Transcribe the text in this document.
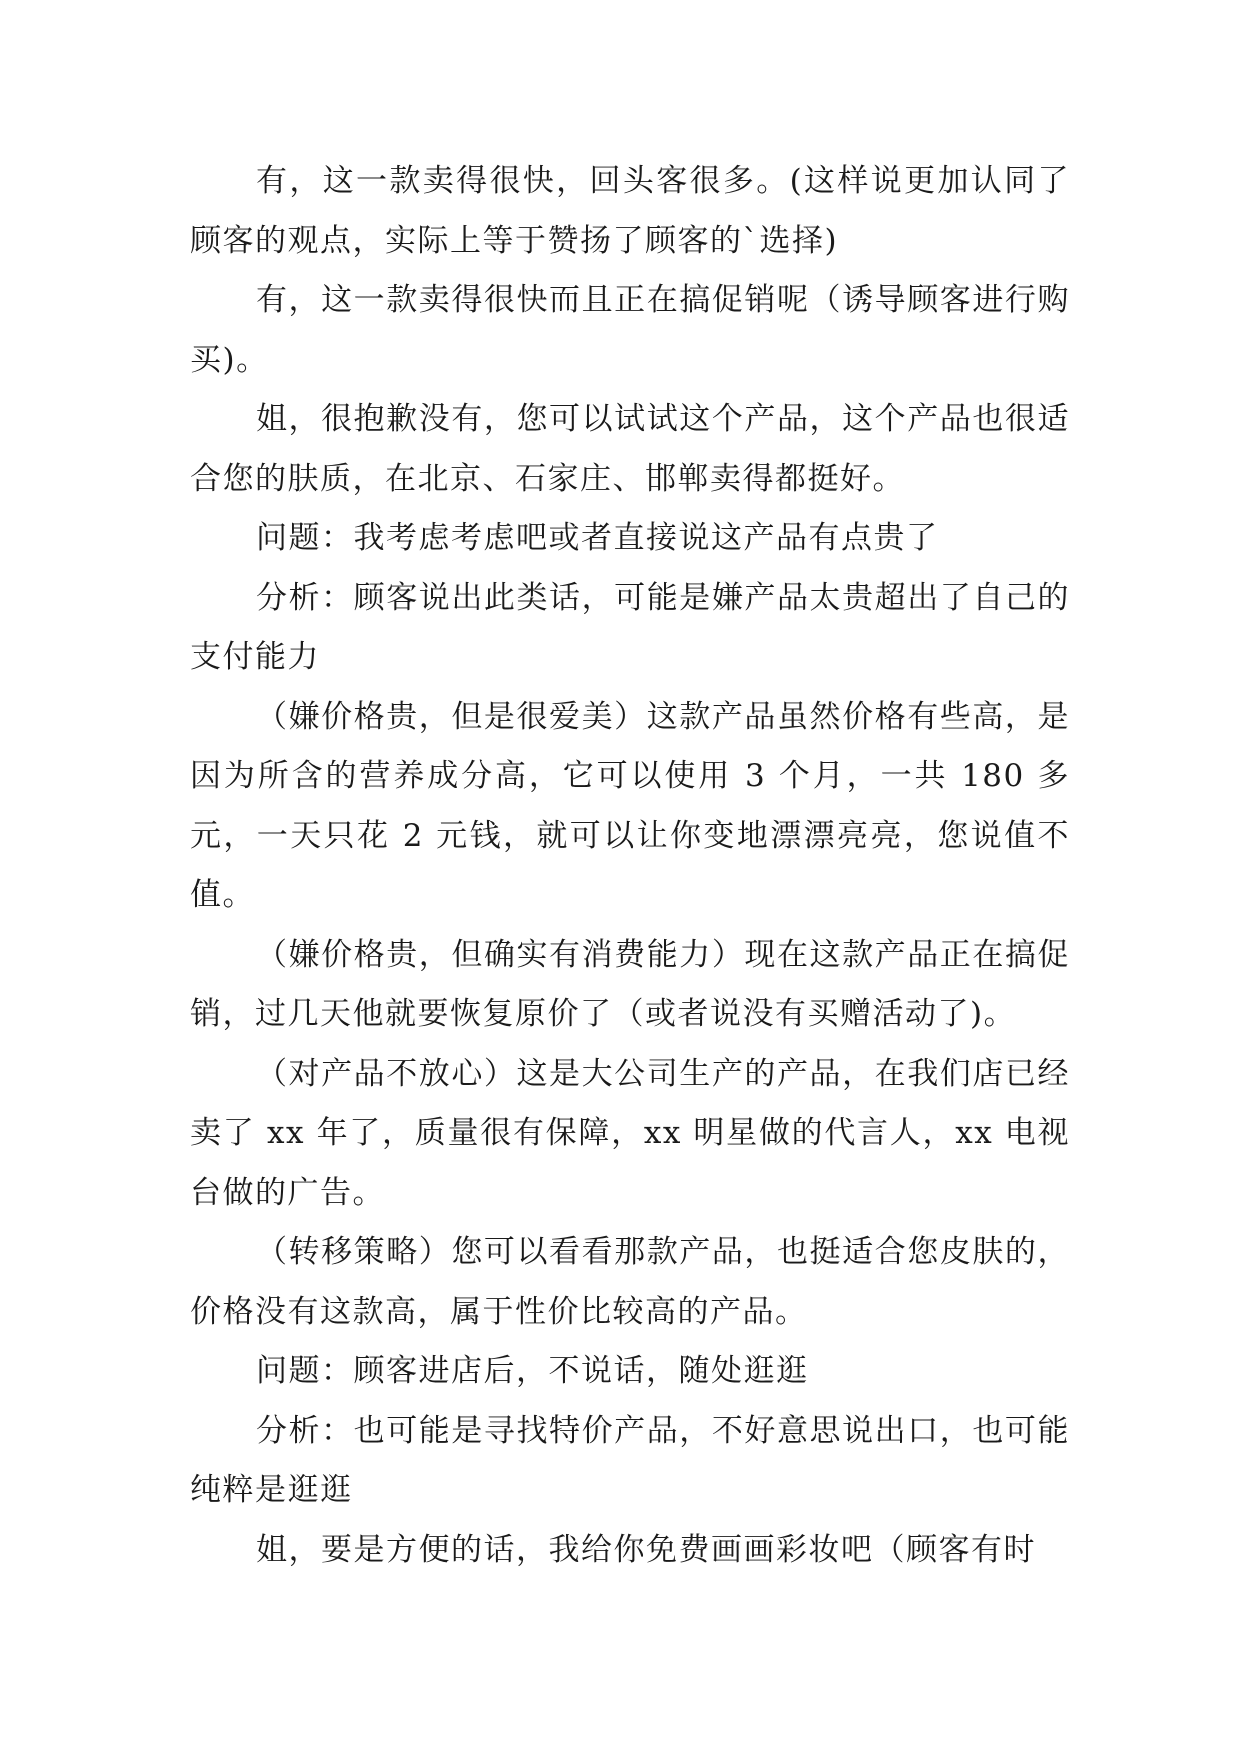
有，这一款卖得很快，回头客很多。(这样说更加认同了顾客的观点，实际上等于赞扬了顾客的`选择)

有，这一款卖得很快而且正在搞促销呢（诱导顾客进行购买)。

姐，很抱歉没有，您可以试试这个产品，这个产品也很适合您的肤质，在北京、石家庄、邯郸卖得都挺好。

问题：我考虑考虑吧或者直接说这产品有点贵了

分析：顾客说出此类话，可能是嫌产品太贵超出了自己的支付能力

（嫌价格贵，但是很爱美）这款产品虽然价格有些高，是因为所含的营养成分高，它可以使用 3 个月，一共 180 多元，一天只花 2 元钱，就可以让你变地漂漂亮亮，您说值不值。

（嫌价格贵，但确实有消费能力）现在这款产品正在搞促销，过几天他就要恢复原价了（或者说没有买赠活动了)。

（对产品不放心）这是大公司生产的产品，在我们店已经卖了 xx 年了，质量很有保障，xx 明星做的代言人，xx 电视台做的广告。

（转移策略）您可以看看那款产品，也挺适合您皮肤的，价格没有这款高，属于性价比较高的产品。

问题：顾客进店后，不说话，随处逛逛

分析：也可能是寻找特价产品，不好意思说出口，也可能纯粹是逛逛

姐，要是方便的话，我给你免费画画彩妆吧（顾客有时
